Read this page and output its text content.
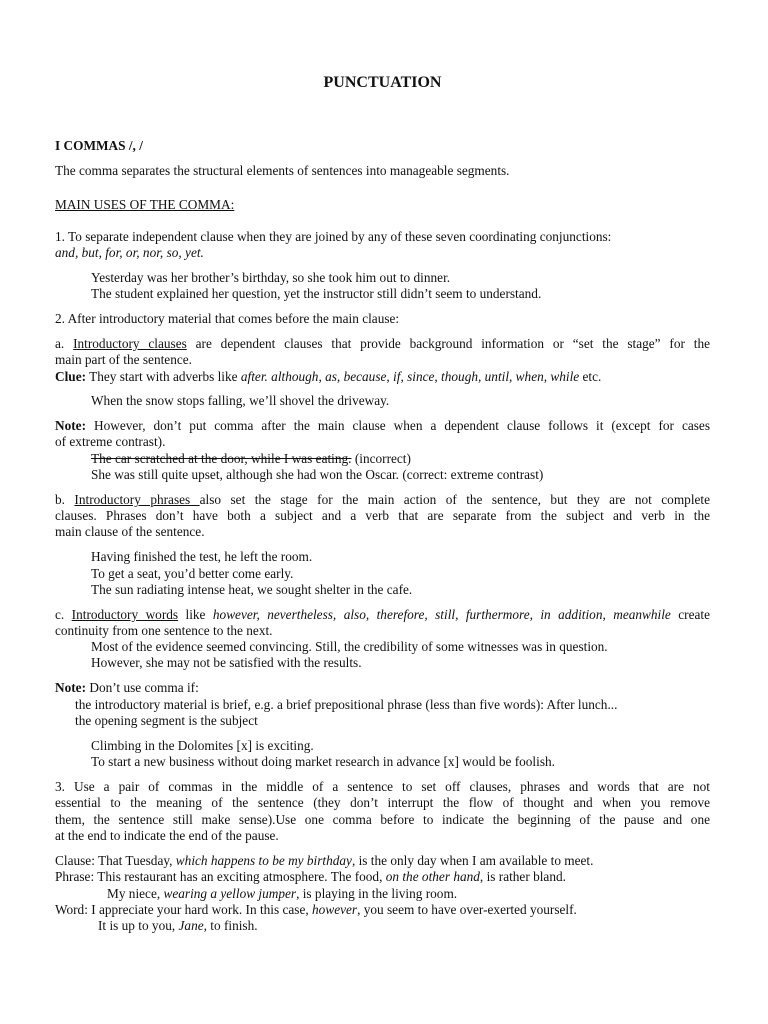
PUNCTUATION
I COMMAS /, /
The comma separates the structural elements of sentences into manageable segments.
MAIN USES OF THE COMMA:
1. To separate independent clause when they are joined by any of these seven coordinating conjunctions:
and, but, for, or, nor, so, yet.
Yesterday was her brother’s birthday, so she took him out to dinner.
The student explained her question, yet the instructor still didn’t seem to understand.
2. After introductory material that comes before the main clause:
a. Introductory clauses are dependent clauses that provide background information or “set the stage” for the
main part of the sentence.
Clue: They start with adverbs like after. although, as, because, if, since, though, until, when, while etc.
When the snow stops falling, we’ll shovel the driveway.
Note: However, don’t put comma after the main clause when a dependent clause follows it (except for cases
of extreme contrast).
The car scratched at the door, while I was eating. (incorrect)
She was still quite upset, although she had won the Oscar. (correct: extreme contrast)
b. Introductory phrases also set the stage for the main action of the sentence, but they are not complete
clauses. Phrases don’t have both a subject and a verb that are separate from the subject and verb in the
main clause of the sentence.
Having finished the test, he left the room.
To get a seat, you’d better come early.
The sun radiating intense heat, we sought shelter in the cafe.
c. Introductory words like however, nevertheless, also, therefore, still, furthermore, in addition, meanwhile create
continuity from one sentence to the next.
Most of the evidence seemed convincing. Still, the credibility of some witnesses was in question.
However, she may not be satisfied with the results.
Note: Don’t use comma if:
the introductory material is brief, e.g. a brief prepositional phrase (less than five words): After lunch...
the opening segment is the subject
Climbing in the Dolomites [x] is exciting.
To start a new business without doing market research in advance [x] would be foolish.
3. Use a pair of commas in the middle of a sentence to set off clauses, phrases and words that are not
essential to the meaning of the sentence (they don’t interrupt the flow of thought and when you remove
them, the sentence still make sense).Use one comma before to indicate the beginning of the pause and one
at the end to indicate the end of the pause.
Clause: That Tuesday, which happens to be my birthday, is the only day when I am available to meet.
Phrase: This restaurant has an exciting atmosphere. The food, on the other hand, is rather bland.
My niece, wearing a yellow jumper, is playing in the living room.
Word: I appreciate your hard work. In this case, however, you seem to have over-exerted yourself.
It is up to you, Jane, to finish.
